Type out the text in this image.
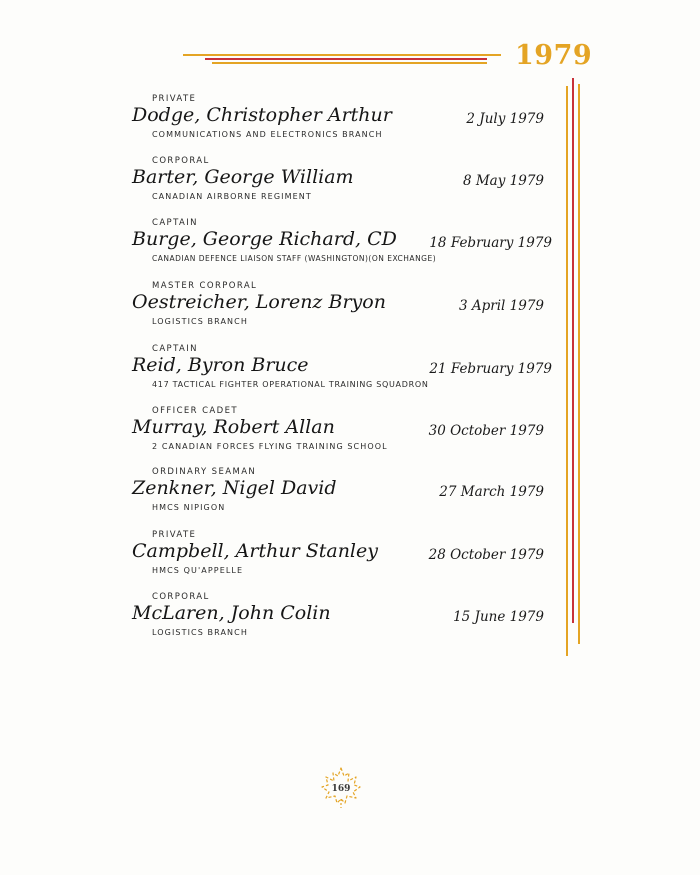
1979
PRIVATE
Dodge, Christopher Arthur	2 July 1979
COMMUNICATIONS AND ELECTRONICS BRANCH
CORPORAL
Barter, George William	8 May 1979
CANADIAN AIRBORNE REGIMENT
CAPTAIN
Burge, George Richard, CD 18 February 1979
CANADIAN DEFENCE LIAISON STAFF (WASHINGTON)(ON EXCHANGE)
MASTER CORPORAL
Oestreicher, Lorenz Bryon	3 April 1979
LOGISTICS BRANCH
CAPTAIN
Reid, Byron Bruce	21 February 1979
417 TACTICAL FIGHTER OPERATIONAL TRAINING SQUADRON
OFFICER CADET
Murray, Robert Allan	30 October 1979
2 CANADIAN FORCES FLYING TRAINING SCHOOL
ORDINARY SEAMAN
Zenkner, Nigel David	27 March 1979
HMCS NIPIGON
PRIVATE
Campbell, Arthur Stanley	28 October 1979
HMCS QU'APPELLE
CORPORAL
McLaren, John Colin	15 June 1979
LOGISTICS BRANCH
169
